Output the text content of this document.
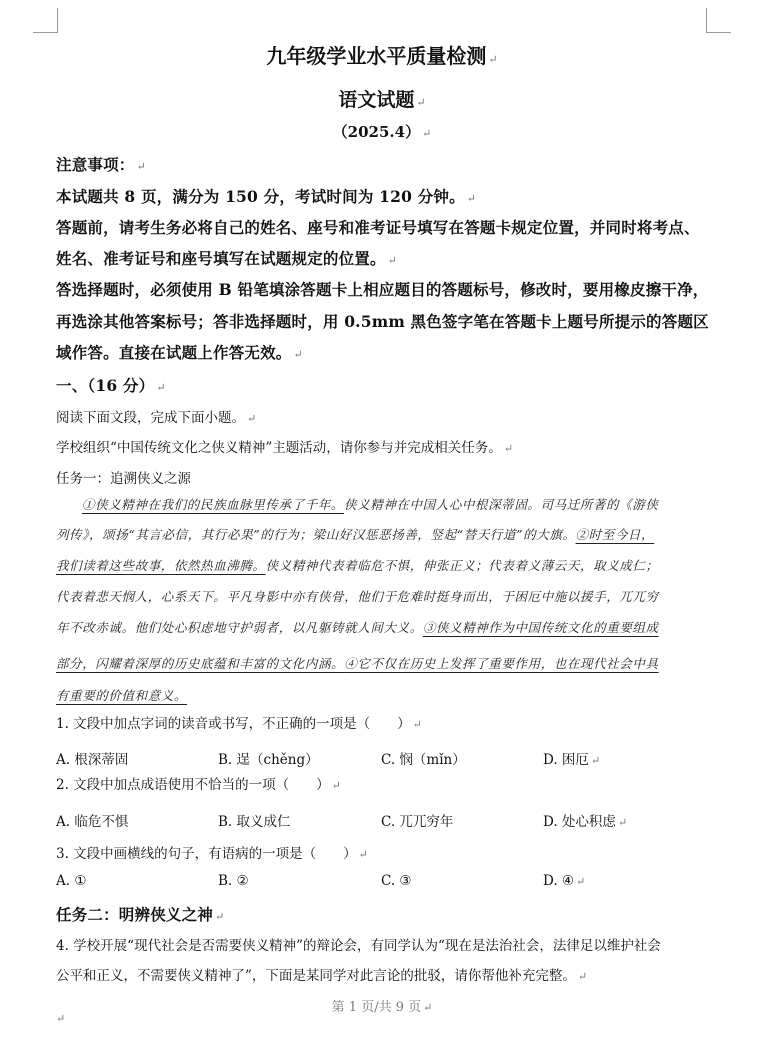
九年级学业水平质量检测 ↵
语文试题 ↵
（2025.4） ↵
注意事项： ↵
本试题共 8 页，满分为 150 分，考试时间为 120 分钟。 ↵
答题前，请考生务必将自己的姓名、座号和准考证号填写在答题卡规定位置，并同时将考点、
姓名、准考证号和座号填写在试题规定的位置。 ↵
答选择题时，必须使用 B 铅笔填涂答题卡上相应题目的答题标号，修改时，要用橡皮擦干净，
再选涂其他答案标号；答非选择题时，用 0.5mm 黑色签字笔在答题卡上题号所提示的答题区
域作答。直接在试题上作答无效。 ↵
一、（16 分） ↵
阅读下面文段，完成下面小题。 ↵
学校组织“中国传统文化之侠义精神”主题活动，请你参与并完成相关任务。 ↵
任务一：追溯侠义之源
①侠义精神在我们的民族血脉里传承了千年。侠义精神在中国人心中根深蒂固。司马迁所著的《游侠
列传》，颂扬“其言必信，其行必果”的行为；梁山好汉惩恶扬善，竖起“替天行道”的大旗。②时至今日，
我们读着这些故事，依然热血沸腾。侠义精神代表着临危不惧，伸张正义；代表着义薄云天，取义成仁；
代表着悲天悯人，心系天下。平凡身影中亦有侠骨，他们于危难时挺身而出，于困厄中施以援手，兀兀穷
年不改赤诚。他们处心积虑地守护弱者，以凡躯铸就人间大义。③侠义精神作为中国传统文化的重要组成
部分，闪耀着深厚的历史底蕴和丰富的文化内涵。④它不仅在历史上发挥了重要作用，也在现代社会中具
有重要的价值和意义。
1. 文段中加点字词的读音或书写，不正确的一项是（　　） ↵
A. 根深蒂固	B. 逞（chěng）	C. 悯（mǐn）	D. 困厄 ↵
2. 文段中加点成语使用不恰当的一项（　　） ↵
A. 临危不惧	B. 取义成仁	C. 兀兀穷年	D. 处心积虑 ↵
3. 文段中画横线的句子，有语病的一项是（　　） ↵
A. ①	B. ②	C. ③	D. ④ ↵
任务二：明辨侠义之神 ↵
4. 学校开展“现代社会是否需要侠义精神”的辩论会，有同学认为“现在是法治社会，法律足以维护社会
公平和正义，不需要侠义精神了”，下面是某同学对此言论的批驳，请你帮他补充完整。 ↵
第 1 页/共 9 页 ↵
↵
